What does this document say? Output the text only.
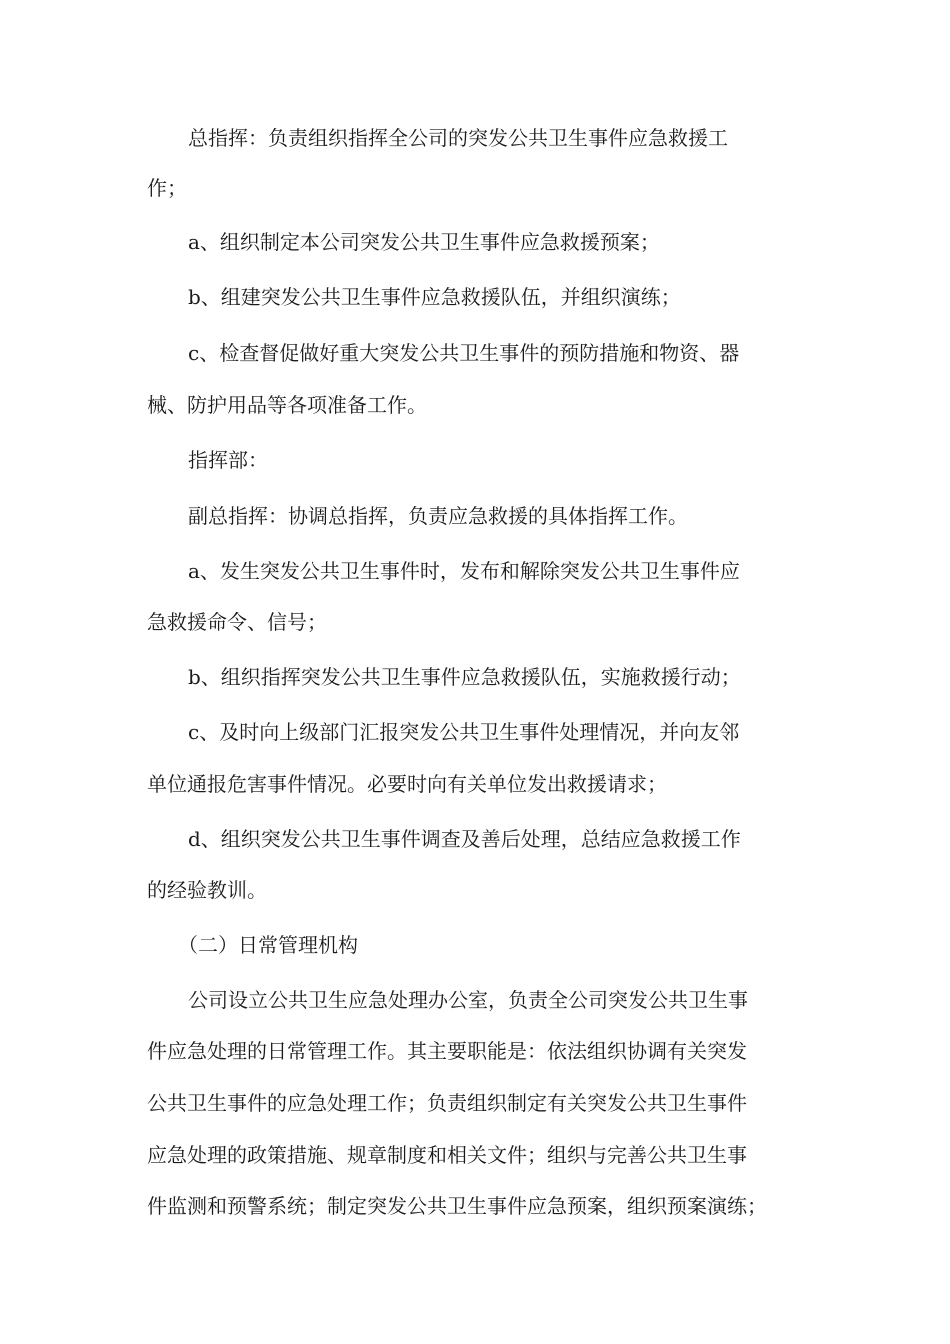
总指挥：负责组织指挥全公司的突发公共卫生事件应急救援工
作；
a、组织制定本公司突发公共卫生事件应急救援预案；
b、组建突发公共卫生事件应急救援队伍，并组织演练；
c、检查督促做好重大突发公共卫生事件的预防措施和物资、器
械、防护用品等各项准备工作。
指挥部：
副总指挥：协调总指挥，负责应急救援的具体指挥工作。
a、发生突发公共卫生事件时，发布和解除突发公共卫生事件应
急救援命令、信号；
b、组织指挥突发公共卫生事件应急救援队伍，实施救援行动；
c、及时向上级部门汇报突发公共卫生事件处理情况，并向友邻
单位通报危害事件情况。必要时向有关单位发出救援请求；
d、组织突发公共卫生事件调查及善后处理，总结应急救援工作
的经验教训。
（二）日常管理机构
公司设立公共卫生应急处理办公室，负责全公司突发公共卫生事
件应急处理的日常管理工作。其主要职能是：依法组织协调有关突发
公共卫生事件的应急处理工作；负责组织制定有关突发公共卫生事件
应急处理的政策措施、规章制度和相关文件；组织与完善公共卫生事
件监测和预警系统；制定突发公共卫生事件应急预案，组织预案演练；
